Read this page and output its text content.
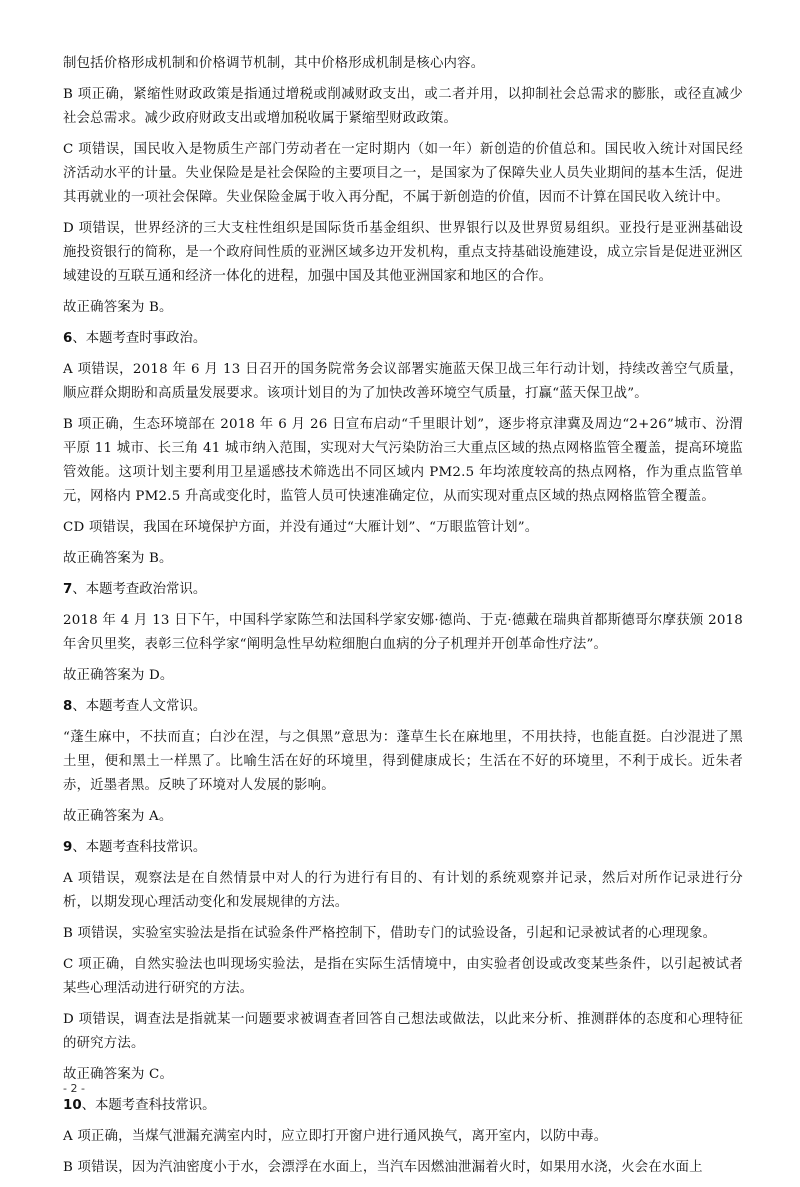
制包括价格形成机制和价格调节机制，其中价格形成机制是核心内容。

B 项正确，紧缩性财政政策是指通过增税或削减财政支出，或二者并用，以抑制社会总需求的膨胀，或径直减少社会总需求。减少政府财政支出或增加税收属于紧缩型财政政策。

C 项错误，国民收入是物质生产部门劳动者在一定时期内（如一年）新创造的价值总和。国民收入统计对国民经济活动水平的计量。失业保险是是社会保险的主要项目之一，是国家为了保障失业人员失业期间的基本生活，促进其再就业的一项社会保障。失业保险金属于收入再分配，不属于新创造的价值，因而不计算在国民收入统计中。

D 项错误，世界经济的三大支柱性组织是国际货币基金组织、世界银行以及世界贸易组织。亚投行是亚洲基础设施投资银行的简称，是一个政府间性质的亚洲区域多边开发机构，重点支持基础设施建设，成立宗旨是促进亚洲区域建设的互联互通和经济一体化的进程，加强中国及其他亚洲国家和地区的合作。

故正确答案为 B。

6、本题考查时事政治。

A 项错误，2018 年 6 月 13 日召开的国务院常务会议部署实施蓝天保卫战三年行动计划，持续改善空气质量，顺应群众期盼和高质量发展要求。该项计划目的为了加快改善环境空气质量，打赢“蓝天保卫战”。

B 项正确，生态环境部在 2018 年 6 月 26 日宣布启动“千里眼计划”，逐步将京津冀及周边“2+26”城市、汾渭平原 11 城市、长三角 41 城市纳入范围，实现对大气污染防治三大重点区域的热点网格监管全覆盖，提高环境监管效能。这项计划主要利用卫星遥感技术筛选出不同区域内 PM2.5 年均浓度较高的热点网格，作为重点监管单元，网格内 PM2.5 升高或变化时，监管人员可快速准确定位，从而实现对重点区域的热点网格监管全覆盖。

CD 项错误，我国在环境保护方面，并没有通过“大雁计划”、“万眼监管计划”。

故正确答案为 B。

7、本题考查政治常识。

2018 年 4 月 13 日下午，中国科学家陈竺和法国科学家安娜·德尚、于克·德戴在瑞典首都斯德哥尔摩获颁 2018 年舍贝里奖，表彰三位科学家“阐明急性早幼粒细胞白血病的分子机理并开创革命性疗法”。

故正确答案为 D。

8、本题考查人文常识。

“蓬生麻中，不扶而直；白沙在涅，与之俱黑”意思为：蓬草生长在麻地里，不用扶持，也能直挺。白沙混进了黑土里，便和黑土一样黑了。比喻生活在好的环境里，得到健康成长；生活在不好的环境里，不利于成长。近朱者赤，近墨者黑。反映了环境对人发展的影响。

故正确答案为 A。

9、本题考查科技常识。

A 项错误，观察法是在自然情景中对人的行为进行有目的、有计划的系统观察并记录，然后对所作记录进行分析，以期发现心理活动变化和发展规律的方法。

B 项错误，实验室实验法是指在试验条件严格控制下，借助专门的试验设备，引起和记录被试者的心理现象。

C 项正确，自然实验法也叫现场实验法，是指在实际生活情境中，由实验者创设或改变某些条件，以引起被试者某些心理活动进行研究的方法。

D 项错误，调查法是指就某一问题要求被调查者回答自己想法或做法，以此来分析、推测群体的态度和心理特征的研究方法。

故正确答案为 C。

10、本题考查科技常识。

A 项正确，当煤气泄漏充满室内时，应立即打开窗户进行通风换气，离开室内，以防中毒。

B 项错误，因为汽油密度小于水，会漂浮在水面上，当汽车因燃油泄漏着火时，如果用水浇，火会在水面上

- 2 -
